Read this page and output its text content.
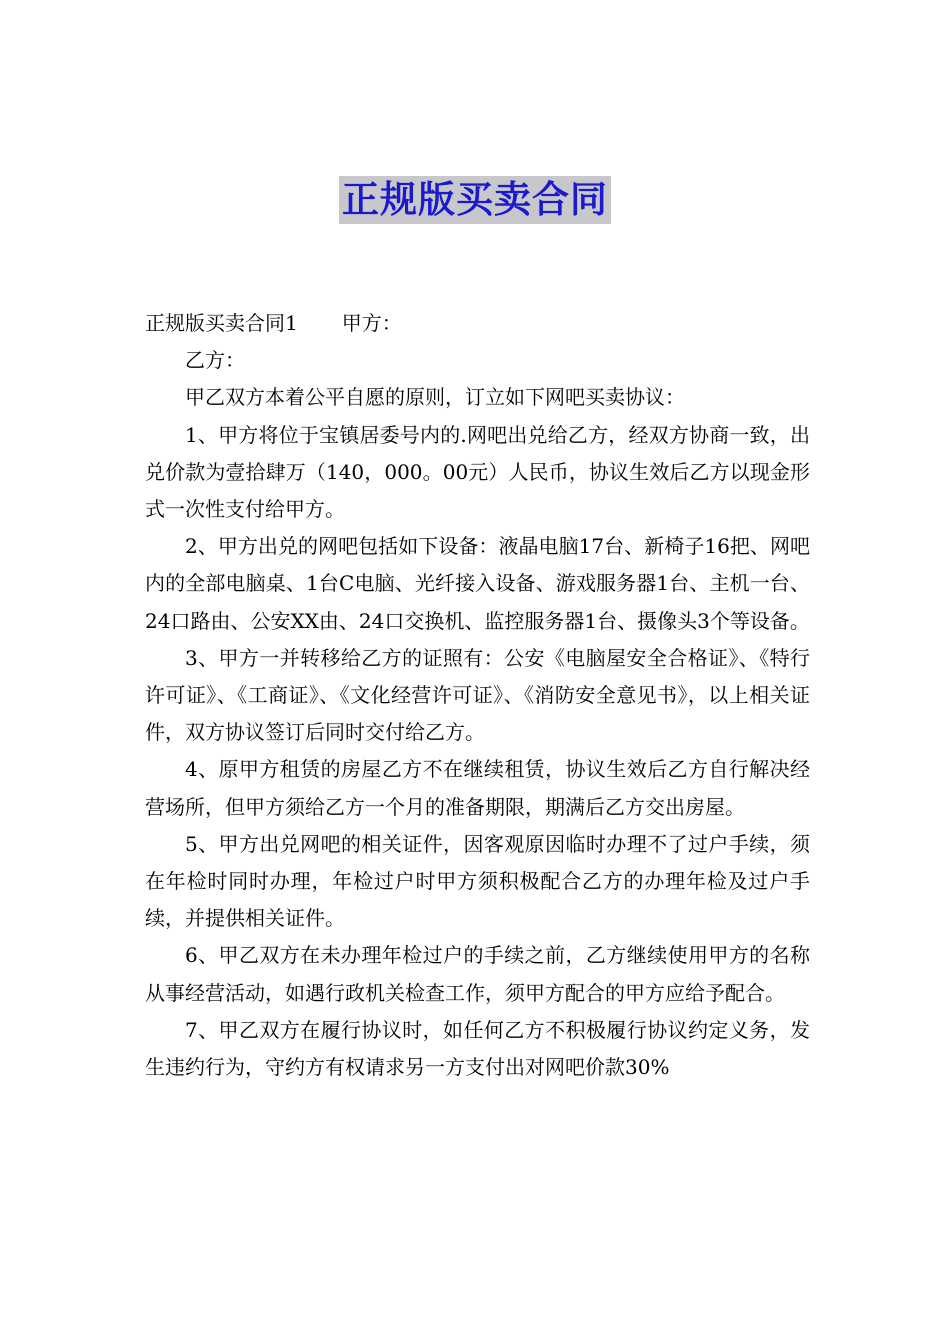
正规版买卖合同

正规版买卖合同1 甲方：

乙方：

甲乙双方本着公平自愿的原则，订立如下网吧买卖协议：

1、甲方将位于宝镇居委号内的.网吧出兑给乙方，经双方协商一致，出兑价款为壹拾肆万（140，000。00元）人民币，协议生效后乙方以现金形式一次性支付给甲方。

2、甲方出兑的网吧包括如下设备：液晶电脑17台、新椅子16把、网吧内的全部电脑桌、1台C电脑、光纤接入设备、游戏服务器1台、主机一台、24口路由、公安XX由、24口交换机、监控服务器1台、摄像头3个等设备。

3、甲方一并转移给乙方的证照有：公安《电脑屋安全合格证》、《特行许可证》、《工商证》、《文化经营许可证》、《消防安全意见书》，以上相关证件，双方协议签订后同时交付给乙方。

4、原甲方租赁的房屋乙方不在继续租赁，协议生效后乙方自行解决经营场所，但甲方须给乙方一个月的准备期限，期满后乙方交出房屋。

5、甲方出兑网吧的相关证件，因客观原因临时办理不了过户手续，须在年检时同时办理，年检过户时甲方须积极配合乙方的办理年检及过户手续，并提供相关证件。

6、甲乙双方在未办理年检过户的手续之前，乙方继续使用甲方的名称从事经营活动，如遇行政机关检查工作，须甲方配合的甲方应给予配合。

7、甲乙双方在履行协议时，如任何乙方不积极履行协议约定义务，发生违约行为，守约方有权请求另一方支付出对网吧价款30%
